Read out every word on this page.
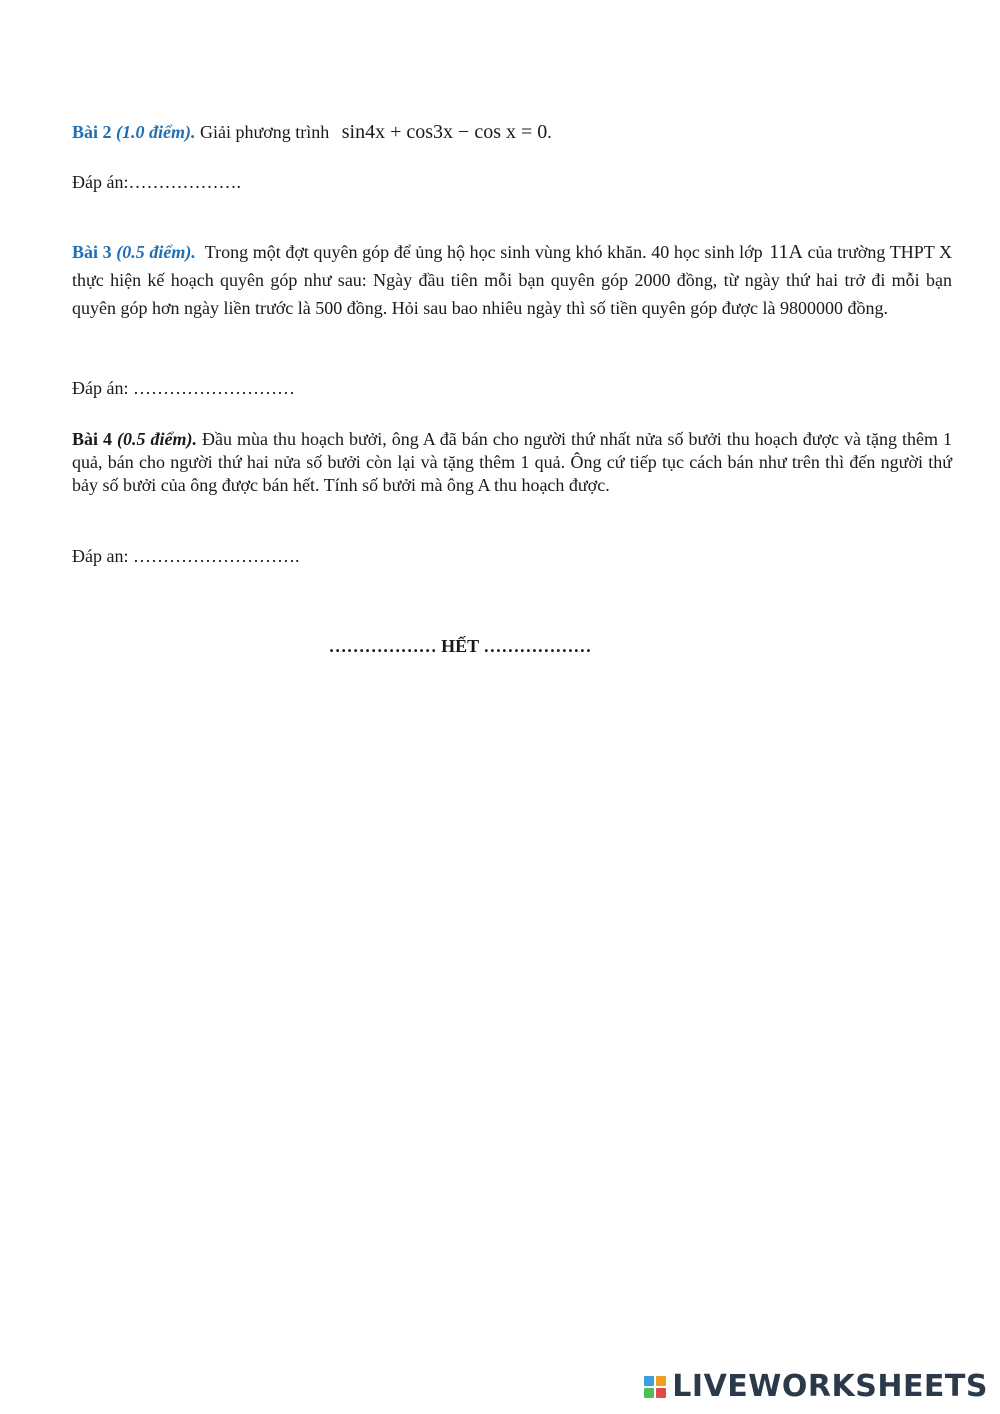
Bài 2 (1.0 điểm). Giải phương trình sin4x + cos3x − cos x = 0.
Đáp án:……………….
Bài 3 (0.5 điểm). Trong một đợt quyên góp để ủng hộ học sinh vùng khó khăn. 40 học sinh lớp 11A của trường THPT X thực hiện kế hoạch quyên góp như sau: Ngày đầu tiên mỗi bạn quyên góp 2000 đồng, từ ngày thứ hai trở đi mỗi bạn quyên góp hơn ngày liền trước là 500 đồng. Hỏi sau bao nhiêu ngày thì số tiền quyên góp được là 9800000 đồng.
Đáp án: ………………………
Bài 4 (0.5 điểm). Đầu mùa thu hoạch bưởi, ông A đã bán cho người thứ nhất nửa số bưởi thu hoạch được và tặng thêm 1 quả, bán cho người thứ hai nửa số bưởi còn lại và tặng thêm 1 quả. Ông cứ tiếp tục cách bán như trên thì đến người thứ bảy số bưởi của ông được bán hết. Tính số bưởi mà ông A thu hoạch được.
Đáp an: ……………………….
……………… HẾT ………………
LIVEWORKSHEETS
